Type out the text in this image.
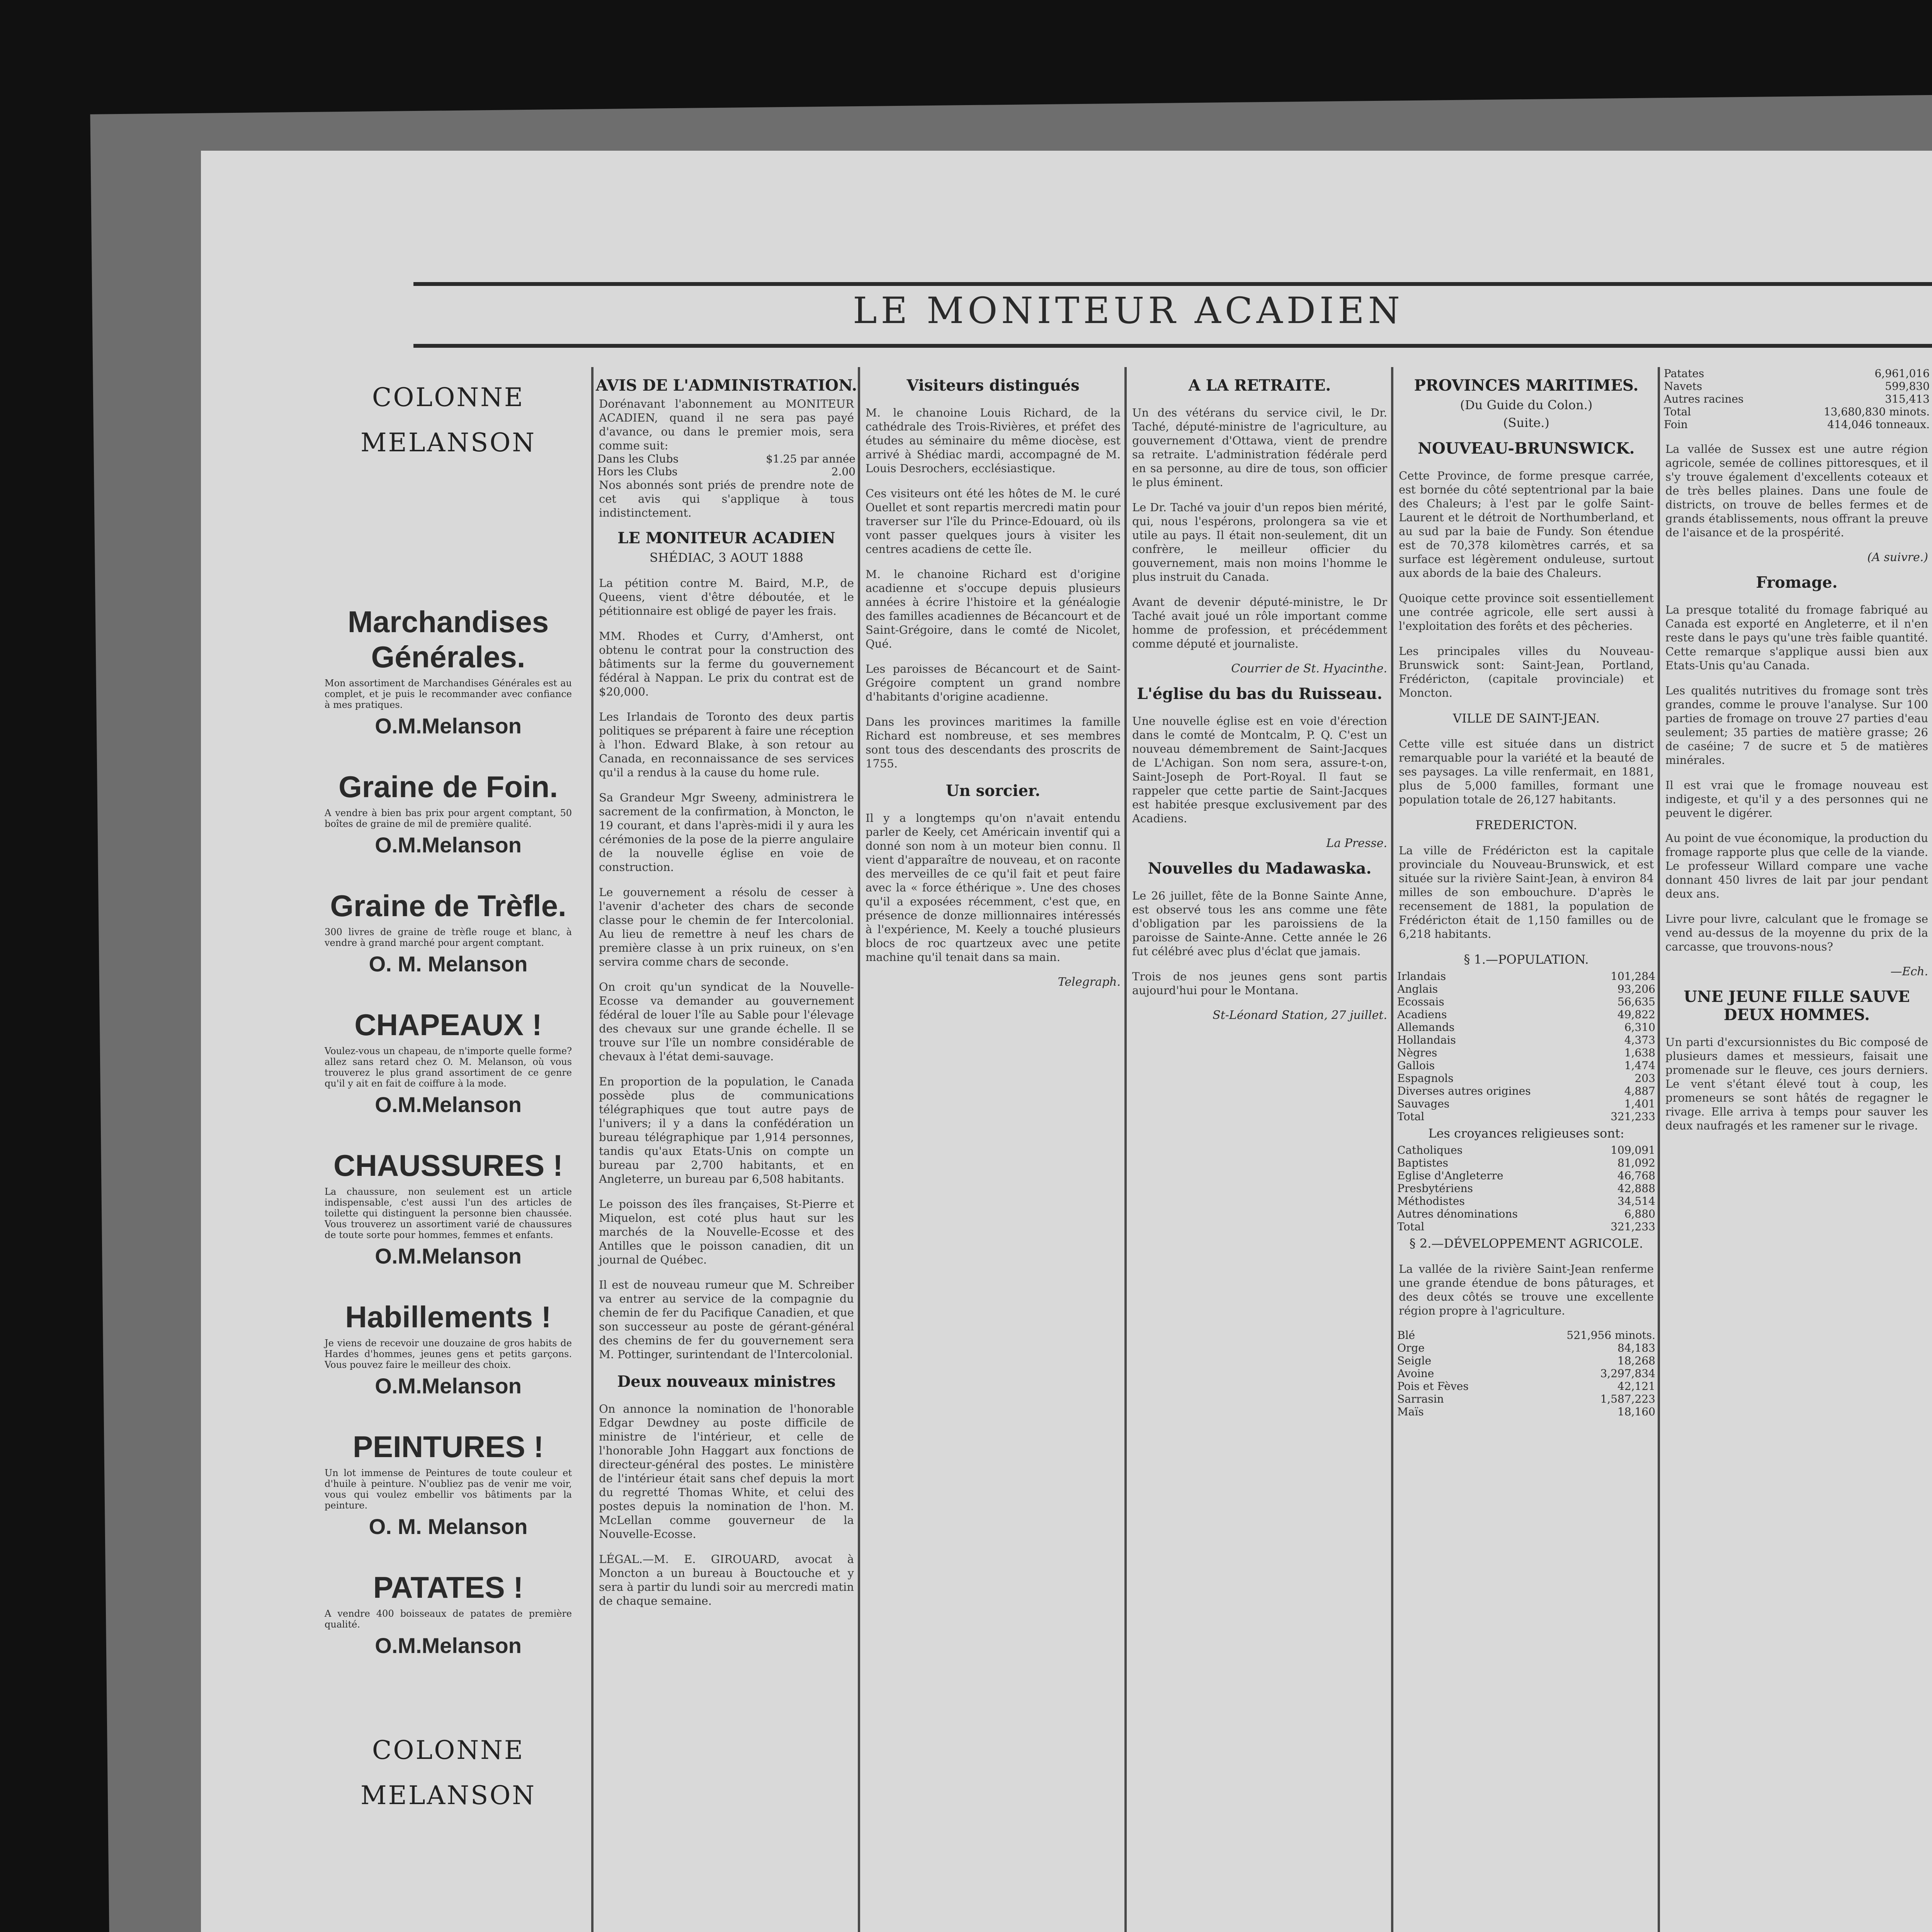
LE MONITEUR ACADIEN
COLONNE
MELANSON
Marchandises Générales.

Mon assortiment de Marchandises Générales est au complet, et je puis le recommander avec confiance à mes pratiques.

O.M.Melanson
Graine de Foin.

A vendre à bien bas prix pour argent comptant, 50 boîtes de graine de mil de première qualité.

O.M.Melanson
Graine de Trèfle.

300 livres de graine de trèfle rouge et blanc, à vendre à grand marché pour argent comptant.

O. M. Melanson
CHAPEAUX !

Voulez-vous un chapeau, de n'importe quelle forme? allez sans retard chez O. M. Melanson, où vous trouverez le plus grand assortiment de ce genre qu'il y ait en fait de coiffure à la mode.

O.M.Melanson
CHAUSSURES !

La chaussure, non seulement est un article indispensable, c'est aussi l'un des articles de toilette qui distinguent la personne bien chaussée. Vous trouverez un assortiment varié de chaussures de toute sorte pour hommes, femmes et enfants.

O.M.Melanson
Habillements !

Je viens de recevoir une douzaine de gros habits de Hardes d'hommes, jeunes gens et petits garçons. Vous pouvez faire le meilleur des choix.

O.M.Melanson
PEINTURES !

Un lot immense de Peintures de toute couleur et d'huile à peinture. N'oubliez pas de venir me voir, vous qui voulez embellir vos bâtiments par la peinture.

O. M. Melanson
PATATES !

A vendre 400 boisseaux de patates de première qualité.

O.M.Melanson
COLONNE
MELANSON
AVIS DE L'ADMINISTRATION.
Dorénavant l'abonnement au MONITEUR ACADIEN, quand il ne sera pas payé d'avance, ou dans le premier mois, sera comme suit:
Dans les Clubs	$1.25 par année
Hors les Clubs	2.00
Nos abonnés sont priés de prendre note de cet avis qui s'applique à tous indistinctement.
LE MONITEUR ACADIEN
SHÉDIAC, 3 AOUT 1888

La pétition contre M. Baird, M.P., de Queens, vient d'être déboutée, et le pétitionnaire est obligé de payer les frais.

MM. Rhodes et Curry, d'Amherst, ont obtenu le contrat pour la construction des bâtiments sur la ferme du gouvernement fédéral à Nappan. Le prix du contrat est de $20,000.

Les Irlandais de Toronto des deux partis politiques se préparent à faire une réception à l'hon. Edward Blake, à son retour au Canada, en reconnaissance de ses services qu'il a rendus à la cause du home rule.

Sa Grandeur Mgr Sweeny, administrera le sacrement de la confirmation, à Moncton, le 19 courant, et dans l'après-midi il y aura les cérémonies de la pose de la pierre angulaire de la nouvelle église en voie de construction.

Le gouvernement a résolu de cesser à l'avenir d'acheter des chars de seconde classe pour le chemin de fer Intercolonial. Au lieu de remettre à neuf les chars de première classe à un prix ruineux, on s'en servira comme chars de seconde.

On croit qu'un syndicat de la Nouvelle-Ecosse va demander au gouvernement fédéral de louer l'île au Sable pour l'élevage des chevaux sur une grande échelle. Il se trouve sur l'île un nombre considérable de chevaux à l'état demi-sauvage.

En proportion de la population, le Canada possède plus de communications télégraphiques que tout autre pays de l'univers; il y a dans la confédération un bureau télégraphique par 1,914 personnes, tandis qu'aux Etats-Unis on compte un bureau par 2,700 habitants, et en Angleterre, un bureau par 6,508 habitants.

Le poisson des îles françaises, St-Pierre et Miquelon, est coté plus haut sur les marchés de la Nouvelle-Ecosse et des Antilles que le poisson canadien, dit un journal de Québec.

Il est de nouveau rumeur que M. Schreiber va entrer au service de la compagnie du chemin de fer du Pacifique Canadien, et que son successeur au poste de gérant-général des chemins de fer du gouvernement sera M. Pottinger, surintendant de l'Intercolonial.

Deux nouveaux ministres

On annonce la nomination de l'honorable Edgar Dewdney au poste difficile de ministre de l'intérieur, et celle de l'honorable John Haggart aux fonctions de directeur-général des postes. Le ministère de l'intérieur était sans chef depuis la mort du regretté Thomas White, et celui des postes depuis la nomination de l'hon. M. McLellan comme gouverneur de la Nouvelle-Ecosse.

LÉGAL.—M. E. GIROUARD, avocat à Moncton a un bureau à Bouctouche et y sera à partir du lundi soir au mercredi matin de chaque semaine.

Visiteurs distingués

M. le chanoine Louis Richard, de la cathédrale des Trois-Rivières, et préfet des études au séminaire du même diocèse, est arrivé à Shédiac mardi, accompagné de M. Louis Desrochers, ecclésiastique.

Ces visiteurs ont été les hôtes de M. le curé Ouellet et sont repartis mercredi matin pour traverser sur l'île du Prince-Edouard, où ils vont passer quelques jours à visiter les centres acadiens de cette île.

M. le chanoine Richard est d'origine acadienne et s'occupe depuis plusieurs années à écrire l'histoire et la généalogie des familles acadiennes de Bécancourt et de Saint-Grégoire, dans le comté de Nicolet, Qué.

Les paroisses de Bécancourt et de Saint-Grégoire comptent un grand nombre d'habitants d'origine acadienne.

Dans les provinces maritimes la famille Richard est nombreuse, et ses membres sont tous des descendants des proscrits de 1755.

Un sorcier.

Il y a longtemps qu'on n'avait entendu parler de Keely, cet Américain inventif qui a donné son nom à un moteur bien connu. Il vient d'apparaître de nouveau, et on raconte des merveilles de ce qu'il fait et peut faire avec la « force éthérique ». Une des choses qu'il a exposées récemment, c'est que, en présence de donze millionnaires intéressés à l'expérience, M. Keely a touché plusieurs blocs de roc quartzeux avec une petite machine qu'il tenait dans sa main.

Telegraph.
A LA RETRAITE.

Un des vétérans du service civil, le Dr. Taché, député-ministre de l'agriculture, au gouvernement d'Ottawa, vient de prendre sa retraite. L'administration fédérale perd en sa personne, au dire de tous, son officier le plus éminent.

Le Dr. Taché va jouir d'un repos bien mérité, qui, nous l'espérons, prolongera sa vie et utile au pays. Il était non-seulement, dit un confrère, le meilleur officier du gouvernement, mais non moins l'homme le plus instruit du Canada.

Avant de devenir député-ministre, le Dr Taché avait joué un rôle important comme homme de profession, et précédemment comme député et journaliste.

Courrier de St. Hyacinthe.
L'église du bas du Ruisseau.

Une nouvelle église est en voie d'érection dans le comté de Montcalm, P. Q. C'est un nouveau démembrement de Saint-Jacques de L'Achigan. Son nom sera, assure-t-on, Saint-Joseph de Port-Royal. Il faut se rappeler que cette partie de Saint-Jacques est habitée presque exclusivement par des Acadiens.

La Presse.
Nouvelles du Madawaska.

Le 26 juillet, fête de la Bonne Sainte Anne, est observé tous les ans comme une fête d'obligation par les paroissiens de la paroisse de Sainte-Anne. Cette année le 26 fut célébré avec plus d'éclat que jamais.

Trois de nos jeunes gens sont partis aujourd'hui pour le Montana.

St-Léonard Station, 27 juillet.
PROVINCES MARITIMES.
(Du Guide du Colon.)
(Suite.)
NOUVEAU-BRUNSWICK.

Cette Province, de forme presque carrée, est bornée du côté septentrional par la baie des Chaleurs; à l'est par le golfe Saint-Laurent et le détroit de Northumberland, et au sud par la baie de Fundy. Son étendue est de 70,378 kilomètres carrés, et sa surface est légèrement onduleuse, surtout aux abords de la baie des Chaleurs.

Quoique cette province soit essentiellement une contrée agricole, elle sert aussi à l'exploitation des forêts et des pêcheries.

Les principales villes du Nouveau-Brunswick sont: Saint-Jean, Portland, Frédéricton, (capitale provinciale) et Moncton.

VILLE DE SAINT-JEAN.

Cette ville est située dans un district remarquable pour la variété et la beauté de ses paysages. La ville renfermait, en 1881, plus de 5,000 familles, formant une population totale de 26,127 habitants.

FREDERICTON.

La ville de Frédéricton est la capitale provinciale du Nouveau-Brunswick, et est située sur la rivière Saint-Jean, à environ 84 milles de son embouchure. D'après le recensement de 1881, la population de Frédéricton était de 1,150 familles ou de 6,218 habitants.

§ 1.—POPULATION.
Irlandais	101,284
Anglais	93,206
Ecossais	56,635
Acadiens	49,822
Allemands	6,310
Hollandais	4,373
Nègres	1,638
Gallois	1,474
Espagnols	203
Diverses autres origines	4,887
Sauvages	1,401
Total	321,233
Les croyances religieuses sont:
Catholiques	109,091
Baptistes	81,092
Eglise d'Angleterre	46,768
Presbytériens	42,888
Méthodistes	34,514
Autres dénominations	6,880
Total	321,233
§ 2.—DÉVELOPPEMENT AGRICOLE.

La vallée de la rivière Saint-Jean renferme une grande étendue de bons pâturages, et des deux côtés se trouve une excellente région propre à l'agriculture.

Blé	521,956 minots.
Orge	84,183
Seigle	18,268
Avoine	3,297,834
Pois et Fèves	42,121
Sarrasin	1,587,223
Maïs	18,160
Patates	6,961,016
Navets	599,830
Autres racines	315,413
Total	13,680,830 minots.
Foin	414,046 tonneaux.

La vallée de Sussex est une autre région agricole, semée de collines pittoresques, et il s'y trouve également d'excellents coteaux et de très belles plaines. Dans une foule de districts, on trouve de belles fermes et de grands établissements, nous offrant la preuve de l'aisance et de la prospérité.

(A suivre.)
Fromage.

La presque totalité du fromage fabriqué au Canada est exporté en Angleterre, et il n'en reste dans le pays qu'une très faible quantité. Cette remarque s'applique aussi bien aux Etats-Unis qu'au Canada.

Les qualités nutritives du fromage sont très grandes, comme le prouve l'analyse. Sur 100 parties de fromage on trouve 27 parties d'eau seulement; 35 parties de matière grasse; 26 de caséine; 7 de sucre et 5 de matières minérales.

Il est vrai que le fromage nouveau est indigeste, et qu'il y a des personnes qui ne peuvent le digérer.

Au point de vue économique, la production du fromage rapporte plus que celle de la viande. Le professeur Willard compare une vache donnant 450 livres de lait par jour pendant deux ans.

Livre pour livre, calculant que le fromage se vend au-dessus de la moyenne du prix de la carcasse, que trouvons-nous?

—Ech.
UNE JEUNE FILLE SAUVE DEUX HOMMES.

Un parti d'excursionnistes du Bic composé de plusieurs dames et messieurs, faisait une promenade sur le fleuve, ces jours derniers. Le vent s'étant élevé tout à coup, les promeneurs se sont hâtés de regagner le rivage. Elle arriva à temps pour sauver les deux naufragés et les ramener sur le rivage.
